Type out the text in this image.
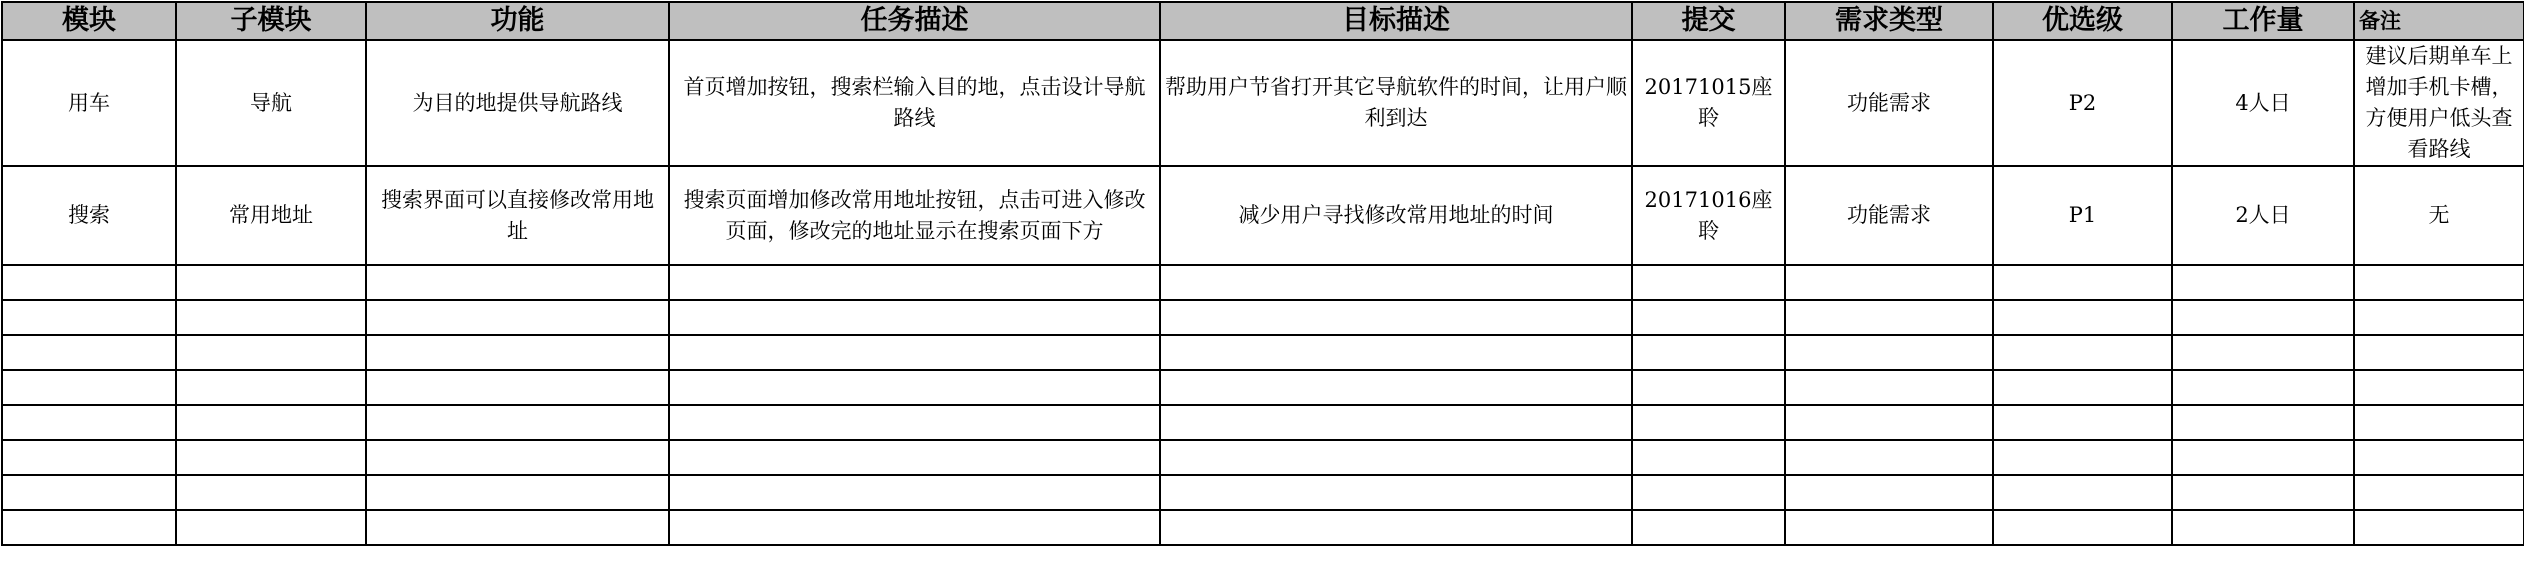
模块	子模块	功能	任务描述	目标描述	提交	需求类型	优选级	工作量	备注
用车	导航	为目的地提供导航路线	首页增加按钮，搜索栏输入目的地，点击设计导航路线	帮助用户节省打开其它导航软件的时间，让用户顺利到达	20171015座聆	功能需求	P2	4人日	建议后期单车上增加手机卡槽，方便用户低头查看路线
搜索	常用地址	搜索界面可以直接修改常用地址	搜索页面增加修改常用地址按钮，点击可进入修改页面，修改完的地址显示在搜索页面下方	减少用户寻找修改常用地址的时间	20171016座聆	功能需求	P1	2人日	无
